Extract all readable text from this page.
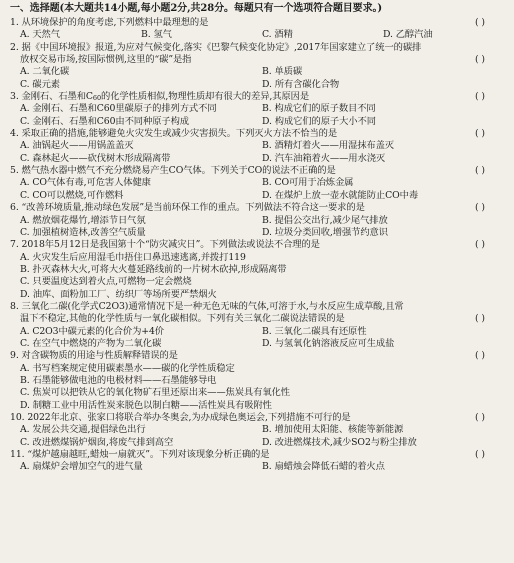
一、选择题(本大题共14小题,每小题2分,共28分。每题只有一个选项符合题目要求。)
1. 从环境保护的角度考虑,下列燃料中最理想的是	( )
A. 天然气	B. 氢气	C. 酒精	D. 乙醇汽油
2. 据《中国环境报》报道,为应对气候变化,落实《巴黎气候变化协定》,2017年国家建立了统一的碳排
放权交易市场,按国际惯例,这里的“碳”是指	( )
A. 二氧化碳	B. 单质碳
C. 碳元素	D. 所有含碳化合物
3. 金刚石、石墨和C60的化学性质相似,物理性质却有很大的差异,其原因是	( )
A. 金刚石、石墨和C60里碳原子的排列方式不同	B. 构成它们的原子数目不同
C. 金刚石、石墨和C60由不同种原子构成	D. 构成它们的原子大小不同
4. 采取正确的措施,能够避免火灾发生或减少灾害损失。下列灭火方法不恰当的是	( )
A. 油锅起火——用锅盖盖灭	B. 酒精灯着火——用湿抹布盖灭
C. 森林起火——砍伐树木形成隔离带	D. 汽车油箱着火——用水浇灭
5. 燃气热水器中燃气不充分燃烧易产生CO气体。下列关于CO的说法不正确的是	( )
A. CO气体有毒,可危害人体健康	B. CO可用于冶炼金属
C. CO可以燃烧,可作燃料	D. 在煤炉上放一壶水就能防止CO中毒
6. “改善环境质量,推动绿色发展”是当前环保工作的重点。下列做法不符合这一要求的是	( )
A. 燃放烟花爆竹,增添节日气氛	B. 提倡公交出行,减少尾气排放
C. 加强植树造林,改善空气质量	D. 垃圾分类回收,增强节约意识
7. 2018年5月12日是我国第十个“防灾减灾日”。下列做法或说法不合理的是	( )
A. 火灾发生后应用湿毛巾捂住口鼻迅速逃离,并拨打119
B. 扑灭森林大火,可将大火蔓延路线前的一片树木砍掉,形成隔离带
C. 只要温度达到着火点,可燃物一定会燃烧
D. 油库、面粉加工厂、纺织厂等场所要严禁烟火
8. 三氧化二碳(化学式C2O3)通常情况下是一种无色无味的气体,可溶于水,与水反应生成草酸,且常
温下不稳定,其他的化学性质与一氧化碳相似。下列有关三氧化二碳说法错误的是	( )
A. C2O3中碳元素的化合价为+4价	B. 三氧化二碳具有还原性
C. 在空气中燃烧的产物为二氧化碳	D. 与氢氧化钠溶液反应可生成盐
9. 对含碳物质的用途与性质解释错误的是	( )
A. 书写档案规定使用碳素墨水——碳的化学性质稳定
B. 石墨能够做电池的电极材料——石墨能够导电
C. 焦炭可以把铁从它的氧化物矿石里还原出来——焦炭具有氧化性
D. 制糖工业中用活性炭来脱色以制白糖——活性炭具有吸附性
10. 2022年北京、张家口将联合举办冬奥会,为办成绿色奥运会,下列措施不可行的是	( )
A. 发展公共交通,提倡绿色出行	B. 增加使用太阳能、核能等新能源
C. 改进燃煤锅炉烟囱,将废气排到高空	D. 改进燃煤技术,减少SO2与粉尘排放
11. “煤炉越扇越旺,蜡烛一扇就灭”。下列对该现象分析正确的是	( )
A. 扇煤炉会增加空气的进气量	B. 扇蜡烛会降低石蜡的着火点
